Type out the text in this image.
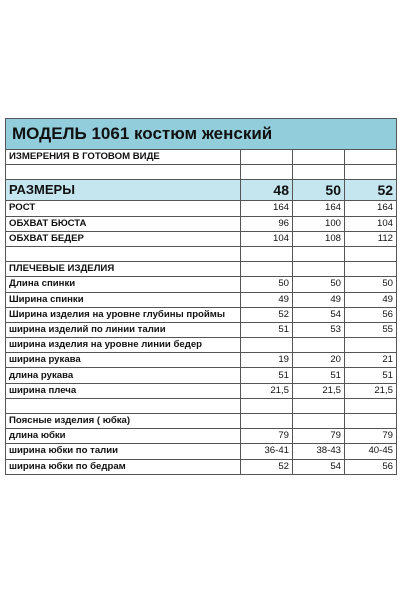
МОДЕЛЬ 1061 костюм женский			
ИЗМЕРЕНИЯ В ГОТОВОМ ВИДЕ			

РАЗМЕРЫ	48	50	52
РОСТ	164	164	164
ОБХВАТ БЮСТА	96	100	104
ОБХВАТ БЕДЕР	104	108	112

ПЛЕЧЕВЫЕ ИЗДЕЛИЯ			
Длина спинки	50	50	50
Ширина спинки	49	49	49
Ширина изделия на уровне глубины проймы	52	54	56
ширина изделий по линии талии	51	53	55
ширина изделия на уровне линии бедер			
ширина рукава	19	20	21
длина рукава	51	51	51
ширина плеча	21,5	21,5	21,5

Поясные изделия ( юбка)			
длина юбки	79	79	79
ширина юбки по талии	36-41	38-43	40-45
ширина юбки по бедрам	52	54	56
